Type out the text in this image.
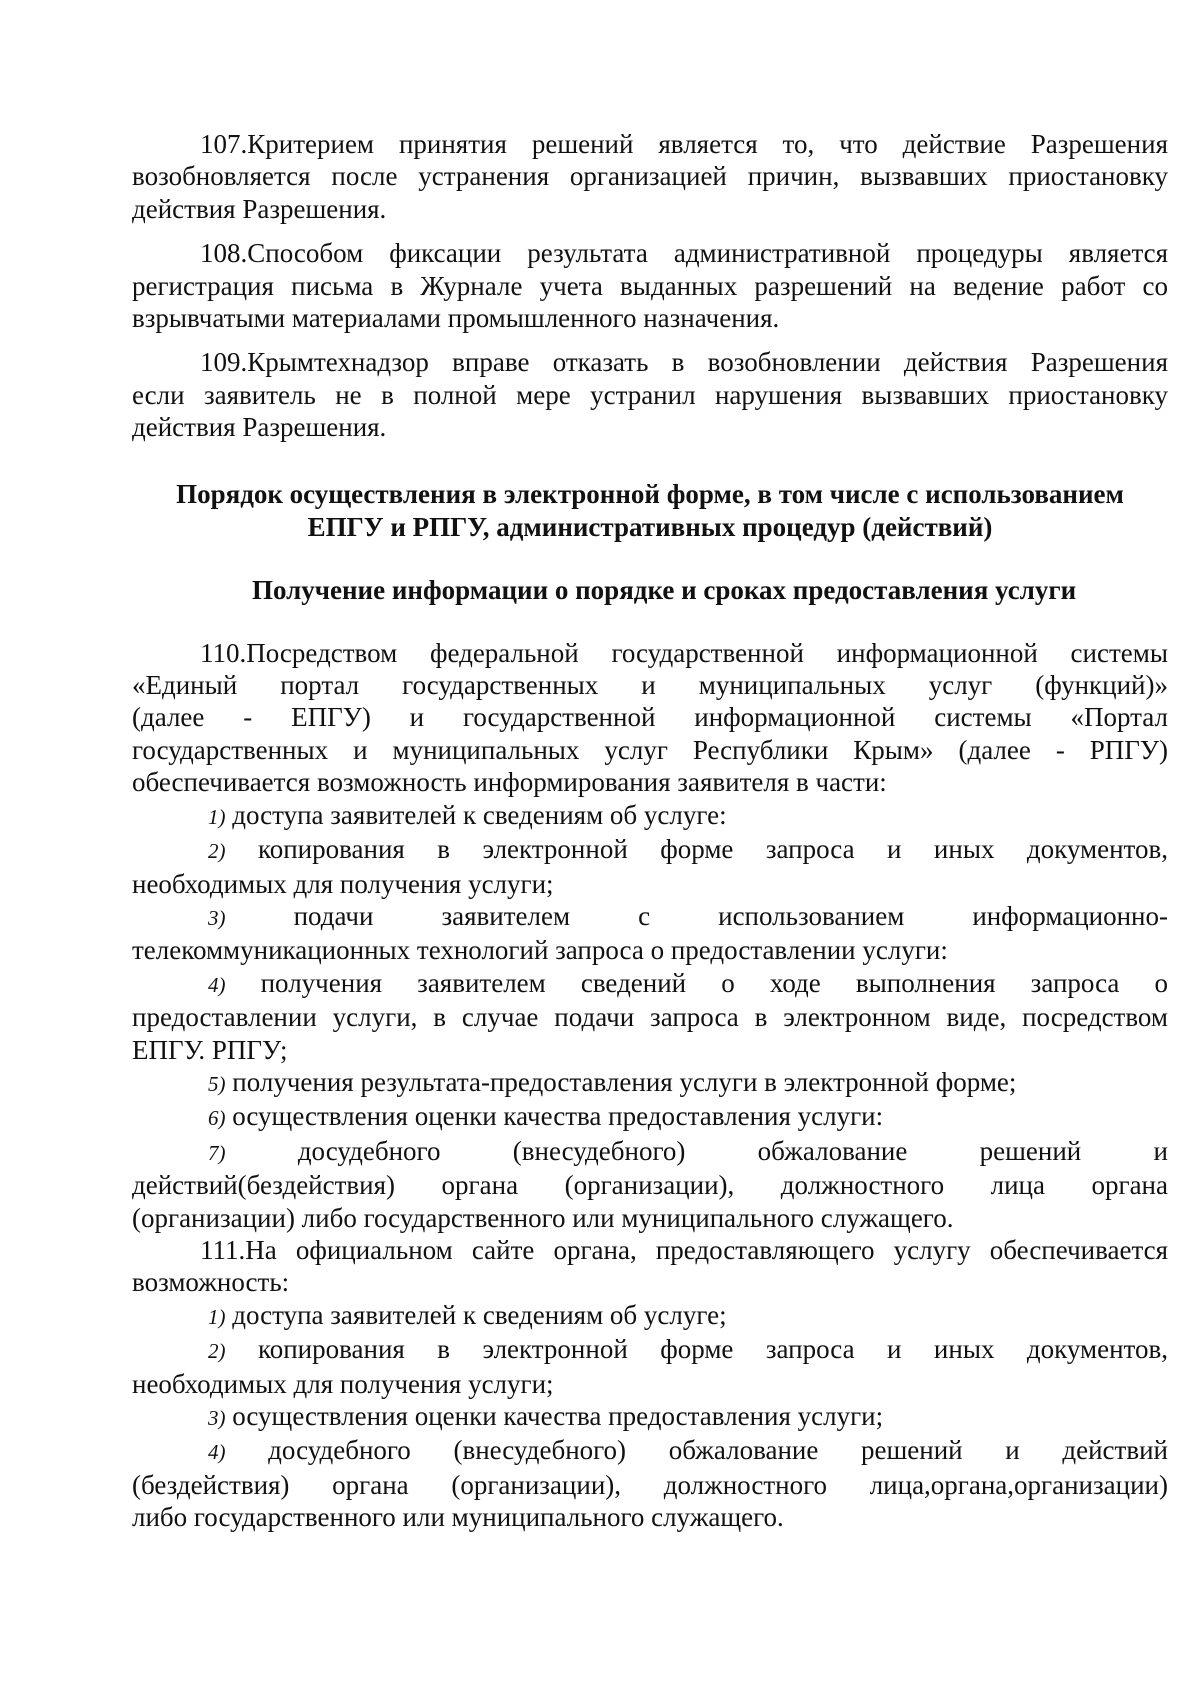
107.Критерием принятия решений является то, что действие Разрешения
возобновляется после устранения организацией причин, вызвавших приостановку
действия Разрешения.
108.Способом фиксации результата административной процедуры является
регистрация письма в Журнале учета выданных разрешений на ведение работ со
взрывчатыми материалами промышленного назначения.
109.Крымтехнадзор вправе отказать в возобновлении действия Разрешения
если заявитель не в полной мере устранил нарушения вызвавших приостановку
действия Разрешения.
Порядок осуществления в электронной форме, в том числе с использованием
ЕПГУ и РПГУ, административных процедур (действий)
Получение информации о порядке и сроках предоставления услуги
110.Посредством федеральной государственной информационной системы
«Единый портал государственных и муниципальных услуг (функций)»
(далее - ЕПГУ) и государственной информационной системы «Портал
государственных и муниципальных услуг Республики Крым» (далее - РПГУ)
обеспечивается возможность информирования заявителя в части:
1) доступа заявителей к сведениям об услуге:
2) копирования в электронной форме запроса и иных документов,
необходимых для получения услуги;
3)	подачи заявителем с использованием информационно-
телекоммуникационных технологий запроса о предоставлении услуги:
4) получения заявителем сведений о ходе выполнения запроса о
предоставлении услуги, в случае подачи запроса в электронном виде, посредством
ЕПГУ. РПГУ;
5) получения результата-предоставления услуги в электронной форме;
6) осуществления оценки качества предоставления услуги:
7)	досудебного (внесудебного) обжалование решений и
действий(бездействия) органа (организации), должностного лица органа
(организации) либо государственного или муниципального служащего.
111.На официальном сайте органа, предоставляющего услугу обеспечивается
возможность:
1) доступа заявителей к сведениям об услуге;
2) копирования в электронной форме запроса и иных документов,
необходимых для получения услуги;
3) осуществления оценки качества предоставления услуги;
4) досудебного (внесудебного) обжалование решений и действий
(бездействия) органа (организации), должностного лица,органа,организации)
либо государственного или муниципального служащего.
